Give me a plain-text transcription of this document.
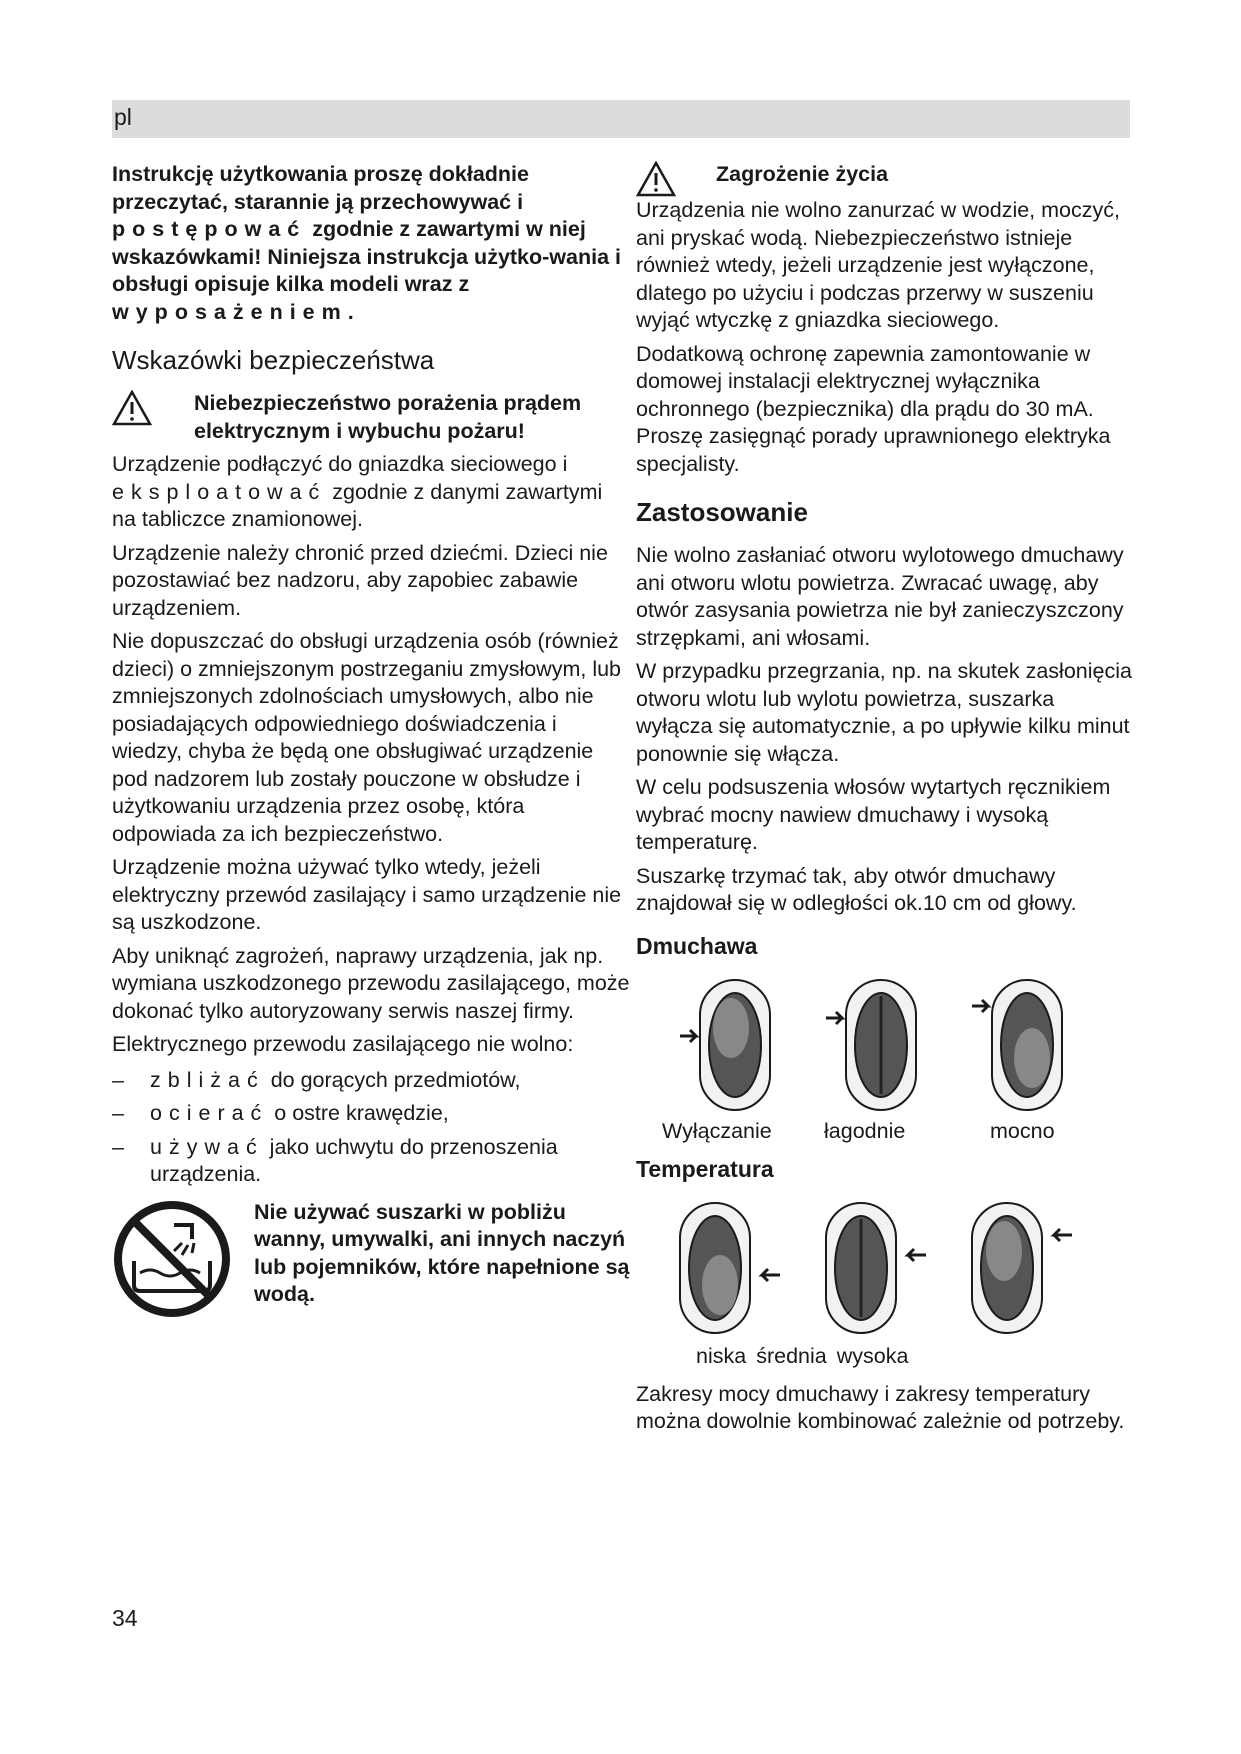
pl

Instrukcję użytkowania proszę dokładnie przeczytać, starannie ją przechowywać i postępować zgodnie z zawartymi w niej wskazówkami! Niniejsza instrukcja użytko-wania i obsługi opisuje kilka modeli wraz z wyposażeniem.

Wskazówki bezpieczeństwa
Niebezpieczeństwo porażenia prądem elektrycznym i wybuchu pożaru!

Urządzenie podłączyć do gniazdka sieciowego i eksploatować zgodnie z danymi zawartymi na tabliczce znamionowej.

Urządzenie należy chronić przed dziećmi. Dzieci nie pozostawiać bez nadzoru, aby zapobiec zabawie urządzeniem.

Nie dopuszczać do obsługi urządzenia osób (również dzieci) o zmniejszonym postrzeganiu zmysłowym, lub zmniejszonych zdolnościach umysłowych, albo nie posiadających odpowiedniego doświadczenia i wiedzy, chyba że będą one obsługiwać urządzenie pod nadzorem lub zostały pouczone w obsłudze i użytkowaniu urządzenia przez osobę, która odpowiada za ich bezpieczeństwo.

Urządzenie można używać tylko wtedy, jeżeli elektryczny przewód zasilający i samo urządzenie nie są uszkodzone.

Aby uniknąć zagrożeń, naprawy urządzenia, jak np. wymiana uszkodzonego przewodu zasilającego, może dokonać tylko autoryzowany serwis naszej firmy.

Elektrycznego przewodu zasilającego nie wolno:

– zbliżać do gorących przedmiotów,
– ocierać o ostre krawędzie,
– używać jako uchwytu do przenoszenia urządzenia.
Nie używać suszarki w pobliżu wanny, umywalki, ani innych naczyń lub pojemników, które napełnione są wodą.
Zagrożenie życia

Urządzenia nie wolno zanurzać w wodzie, moczyć, ani pryskać wodą. Niebezpieczeństwo istnieje również wtedy, jeżeli urządzenie jest wyłączone, dlatego po użyciu i podczas przerwy w suszeniu wyjąć wtyczkę z gniazdka sieciowego.

Dodatkową ochronę zapewnia zamontowanie w domowej instalacji elektrycznej wyłącznika ochronnego (bezpiecznika) dla prądu do 30 mA. Proszę zasięgnąć porady uprawnionego elektryka specjalisty.

Zastosowanie

Nie wolno zasłaniać otworu wylotowego dmuchawy ani otworu wlotu powietrza. Zwracać uwagę, aby otwór zasysania powietrza nie był zanieczyszczony strzępkami, ani włosami.

W przypadku przegrzania, np. na skutek zasłonięcia otworu wlotu lub wylotu powietrza, suszarka wyłącza się automatycznie, a po upływie kilku minut ponownie się włącza.

W celu podsuszenia włosów wytartych ręcznikiem wybrać mocny nawiew dmuchawy i wysoką temperaturę.

Suszarkę trzymać tak, aby otwór dmuchawy znajdował się w odległości ok.10 cm od głowy.

Dmuchawa
Wyłączanie	łagodnie	mocno
Temperatura
niska średnia wysoka

Zakresy mocy dmuchawy i zakresy temperatury można dowolnie kombinować zależnie od potrzeby.

34
